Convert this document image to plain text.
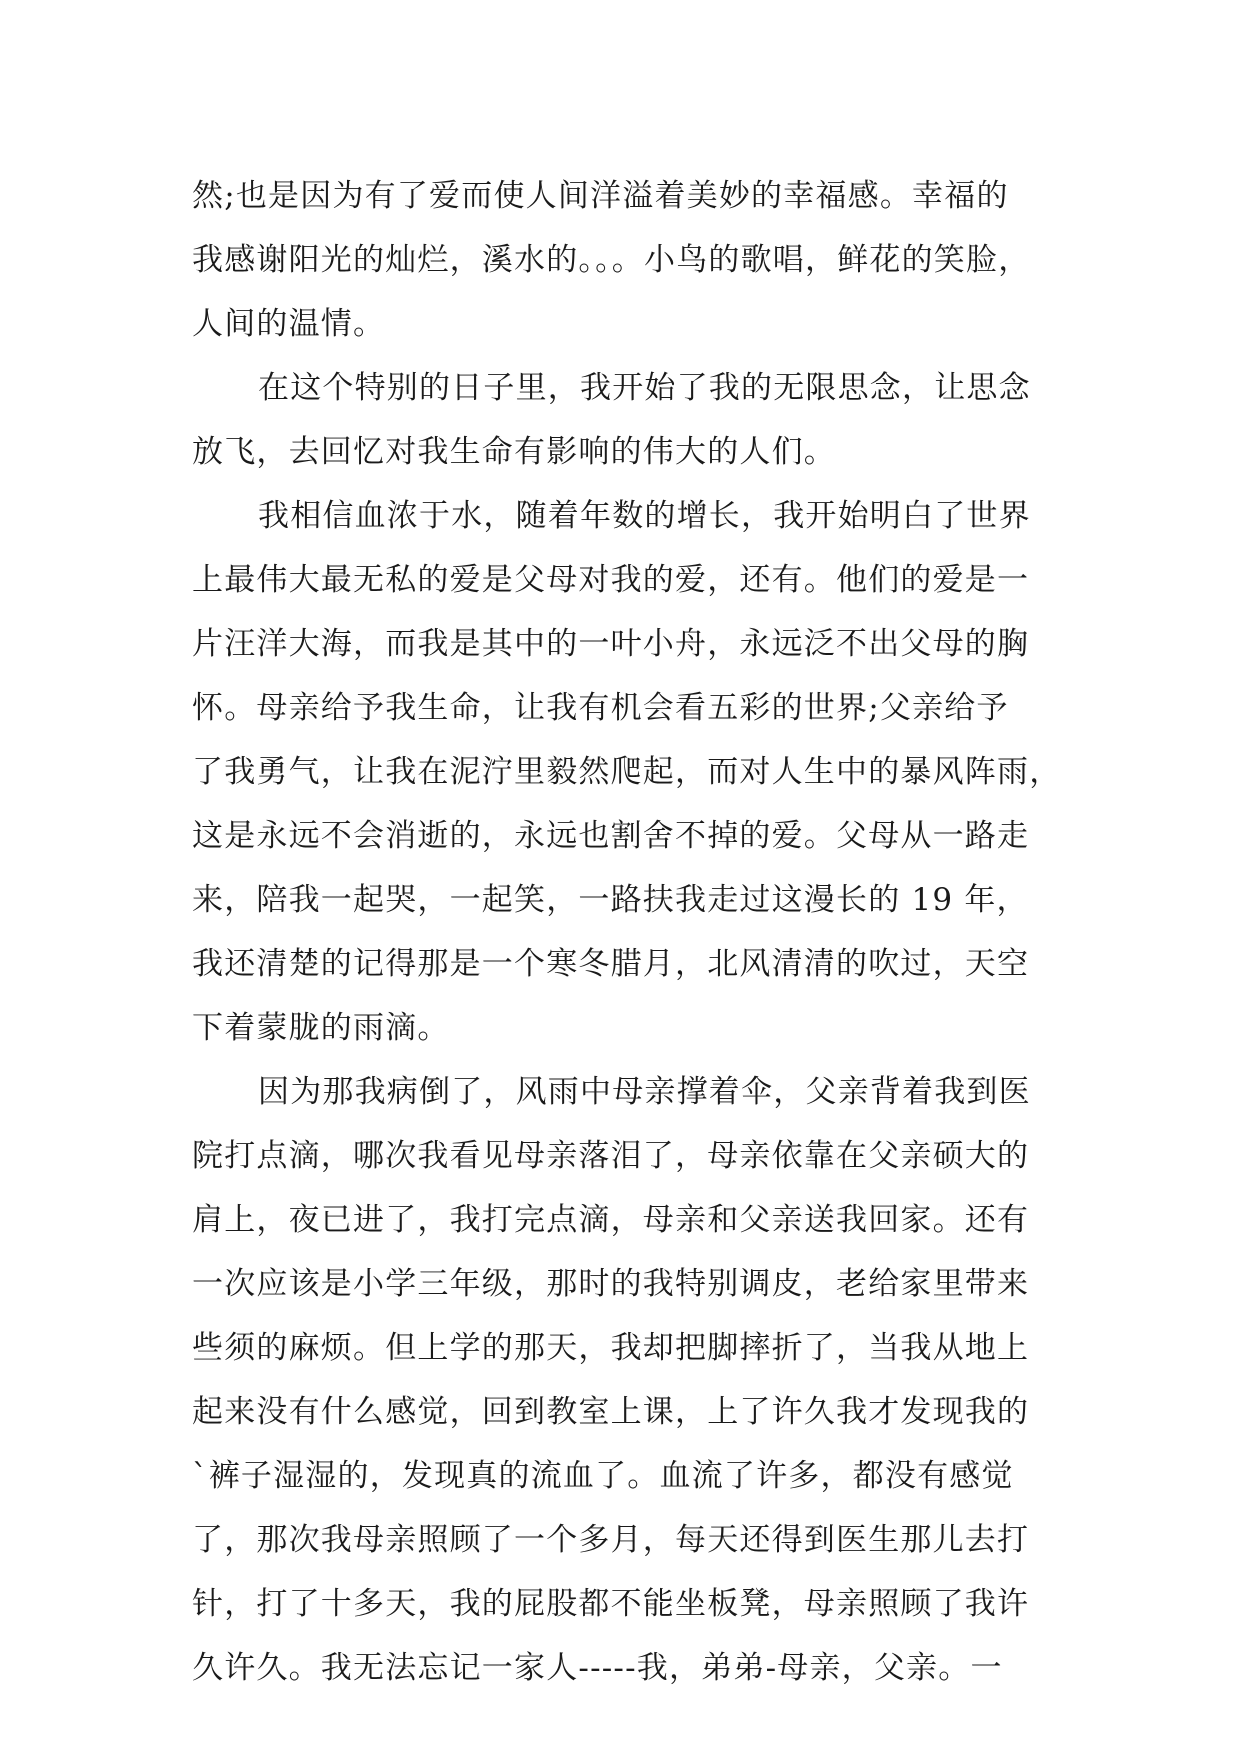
然;也是因为有了爱而使人间洋溢着美妙的幸福感。幸福的
我感谢阳光的灿烂，溪水的。。。小鸟的歌唱，鲜花的笑脸，
人间的温情。
在这个特别的日子里，我开始了我的无限思念，让思念
放飞，去回忆对我生命有影响的伟大的人们。
我相信血浓于水，随着年数的增长，我开始明白了世界
上最伟大最无私的爱是父母对我的爱，还有。他们的爱是一
片汪洋大海，而我是其中的一叶小舟，永远泛不出父母的胸
怀。母亲给予我生命，让我有机会看五彩的世界;父亲给予
了我勇气，让我在泥泞里毅然爬起，而对人生中的暴风阵雨，
这是永远不会消逝的，永远也割舍不掉的爱。父母从一路走
来，陪我一起哭，一起笑，一路扶我走过这漫长的 19 年，
我还清楚的记得那是一个寒冬腊月，北风清清的吹过，天空
下着蒙胧的雨滴。
因为那我病倒了，风雨中母亲撑着伞，父亲背着我到医
院打点滴，哪次我看见母亲落泪了，母亲依靠在父亲硕大的
肩上，夜已进了，我打完点滴，母亲和父亲送我回家。还有
一次应该是小学三年级，那时的我特别调皮，老给家里带来
些须的麻烦。但上学的那天，我却把脚摔折了，当我从地上
起来没有什么感觉，回到教室上课，上了许久我才发现我的
`裤子湿湿的，发现真的流血了。血流了许多，都没有感觉
了，那次我母亲照顾了一个多月，每天还得到医生那儿去打
针，打了十多天，我的屁股都不能坐板凳，母亲照顾了我许
久许久。我无法忘记一家人-----我，弟弟-母亲，父亲。一
